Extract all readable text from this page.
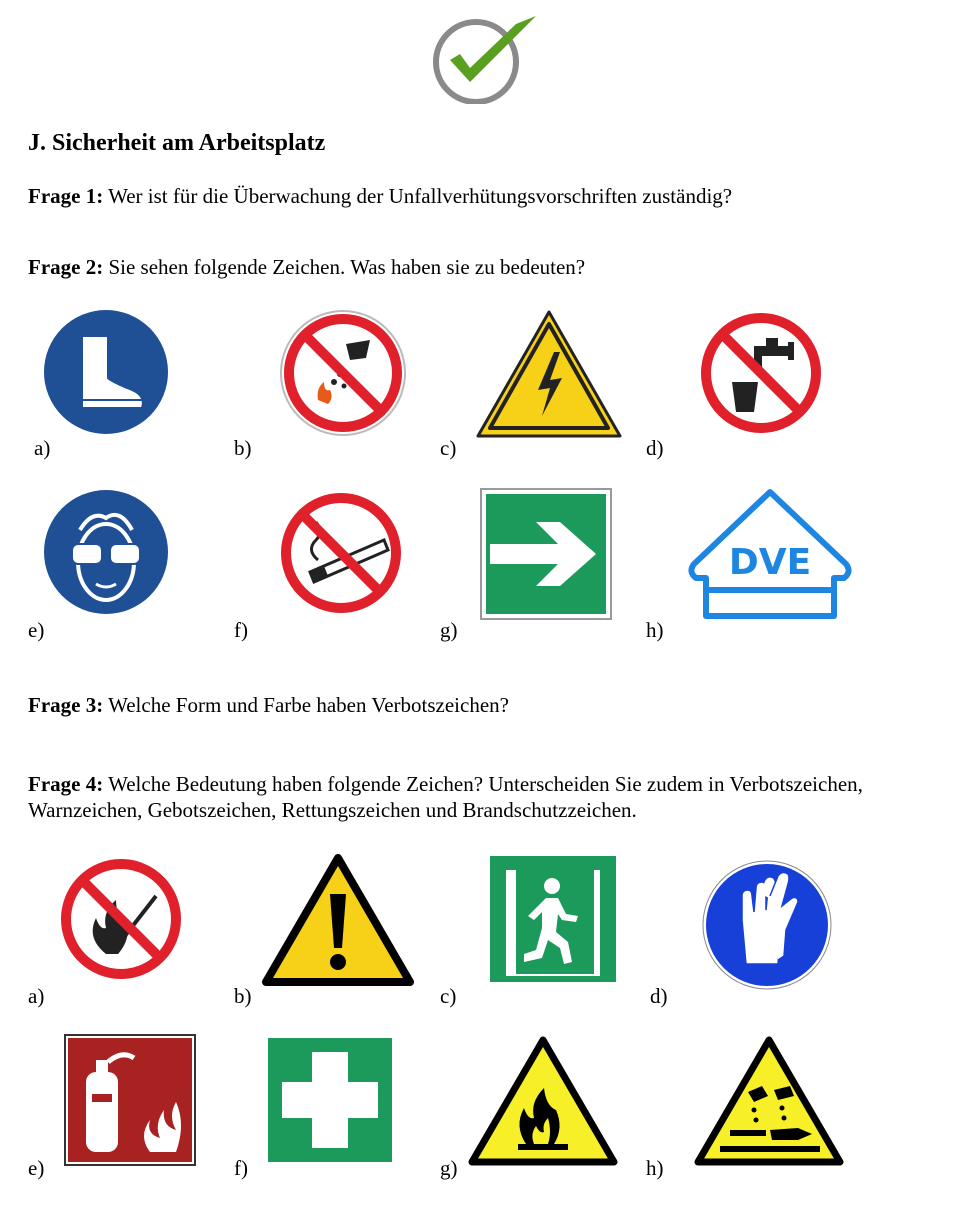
J. Sicherheit am Arbeitsplatz
Frage 1: Wer ist für die Überwachung der Unfallverhütungsvorschriften zuständig?
Frage 2: Sie sehen folgende Zeichen. Was haben sie zu bedeuten?
a)	b)	c)	d)
e)	f)	g)
DVE
h)
Frage 3: Welche Form und Farbe haben Verbotszeichen?
Frage 4: Welche Bedeutung haben folgende Zeichen? Unterscheiden Sie zudem in Verbotszeichen, Warnzeichen, Gebotszeichen, Rettungszeichen und Brandschutzzeichen.
a)	b)	c)	d)
e)	f)	g)	h)
